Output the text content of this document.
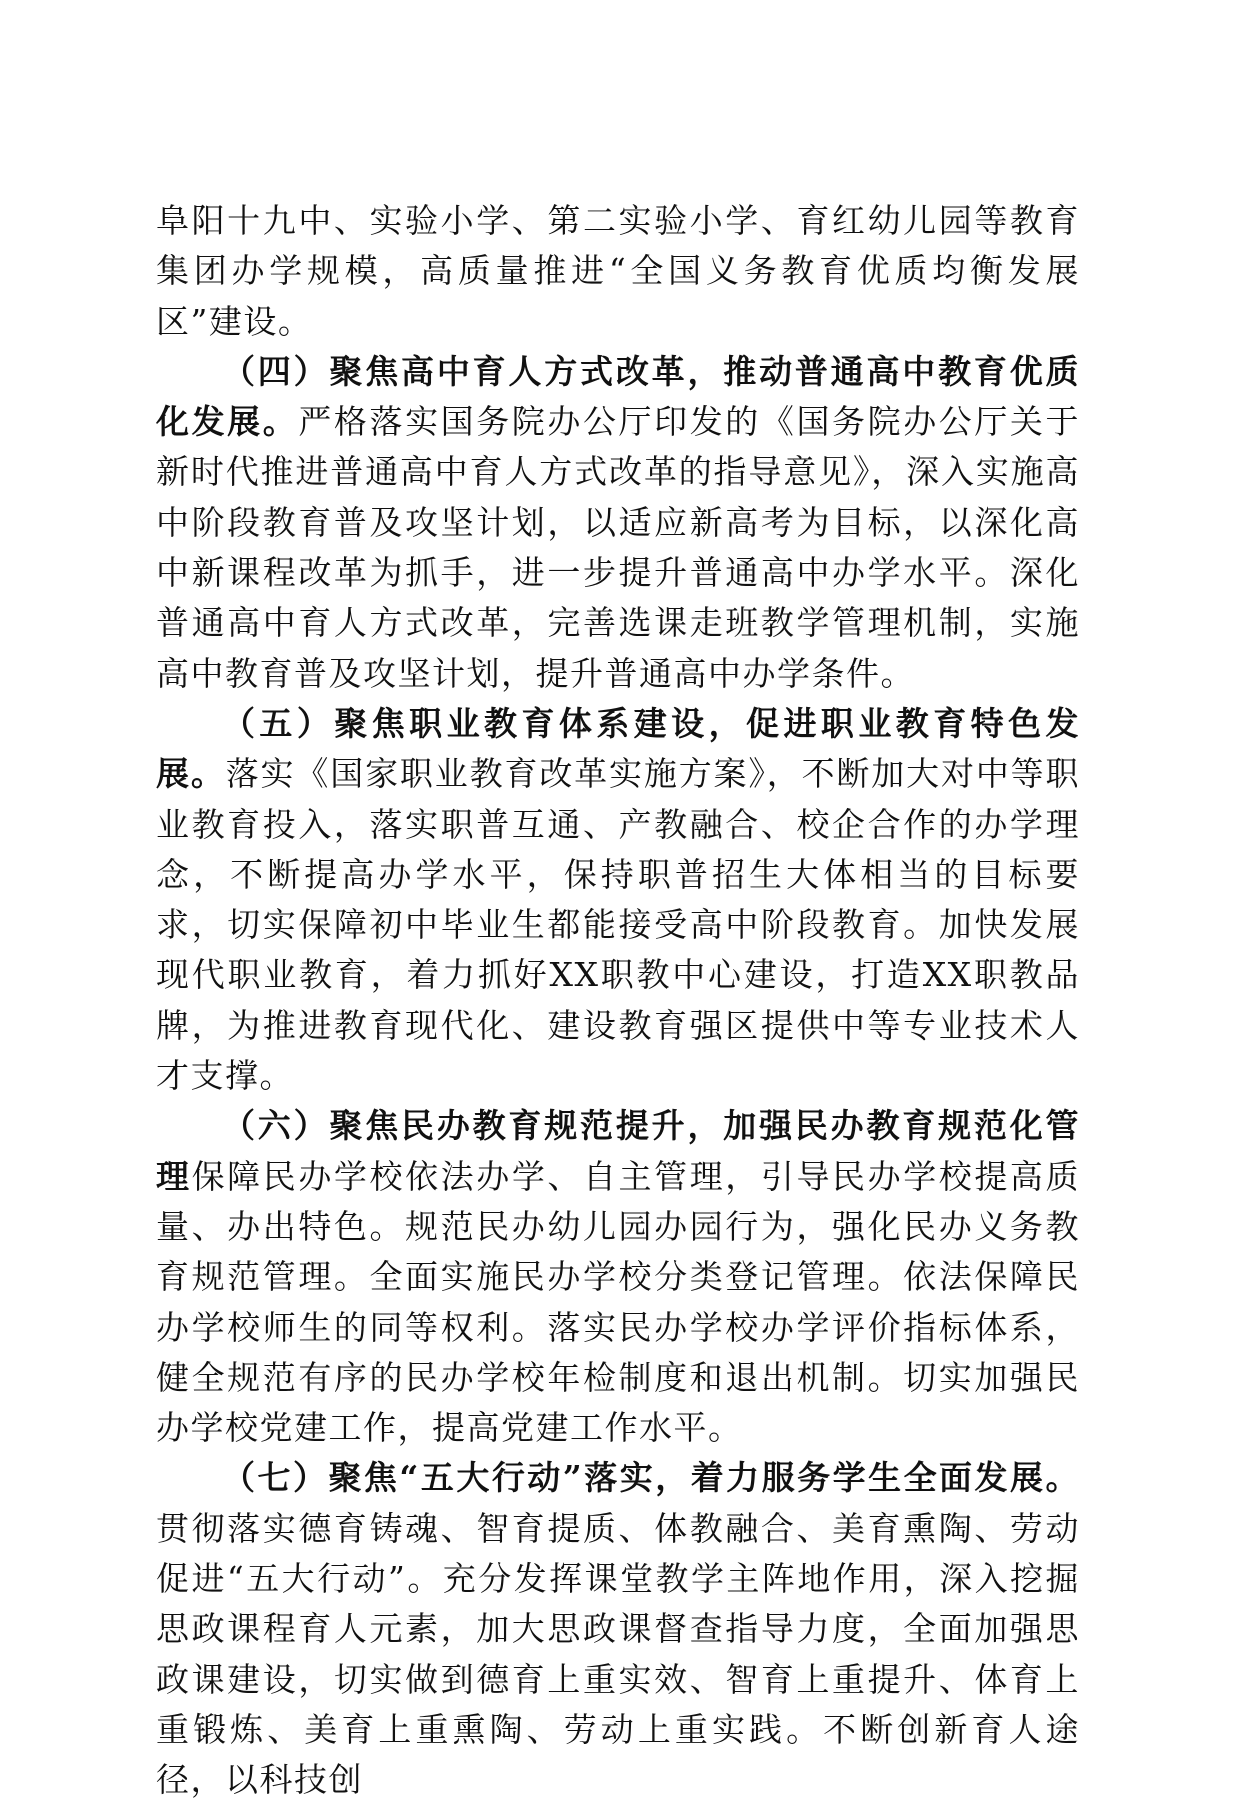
阜阳十九中、实验小学、第二实验小学、育红幼儿园等教育集团办学规模，高质量推进“全国义务教育优质均衡发展区”建设。

（四）聚焦高中育人方式改革，推动普通高中教育优质化发展。严格落实国务院办公厅印发的《国务院办公厅关于新时代推进普通高中育人方式改革的指导意见》，深入实施高中阶段教育普及攻坚计划，以适应新高考为目标，以深化高中新课程改革为抓手，进一步提升普通高中办学水平。深化普通高中育人方式改革，完善选课走班教学管理机制，实施高中教育普及攻坚计划，提升普通高中办学条件。

（五）聚焦职业教育体系建设，促进职业教育特色发展。落实《国家职业教育改革实施方案》，不断加大对中等职业教育投入，落实职普互通、产教融合、校企合作的办学理念，不断提高办学水平，保持职普招生大体相当的目标要求，切实保障初中毕业生都能接受高中阶段教育。加快发展现代职业教育，着力抓好XX职教中心建设，打造XX职教品牌，为推进教育现代化、建设教育强区提供中等专业技术人才支撑。

（六）聚焦民办教育规范提升，加强民办教育规范化管理保障民办学校依法办学、自主管理，引导民办学校提高质量、办出特色。规范民办幼儿园办园行为，强化民办义务教育规范管理。全面实施民办学校分类登记管理。依法保障民办学校师生的同等权利。落实民办学校办学评价指标体系，健全规范有序的民办学校年检制度和退出机制。切实加强民办学校党建工作，提高党建工作水平。

（七）聚焦“五大行动”落实，着力服务学生全面发展。贯彻落实德育铸魂、智育提质、体教融合、美育熏陶、劳动促进“五大行动”。充分发挥课堂教学主阵地作用，深入挖掘思政课程育人元素，加大思政课督查指导力度，全面加强思政课建设，切实做到德育上重实效、智育上重提升、体育上重锻炼、美育上重熏陶、劳动上重实践。不断创新育人途径，以科技创
